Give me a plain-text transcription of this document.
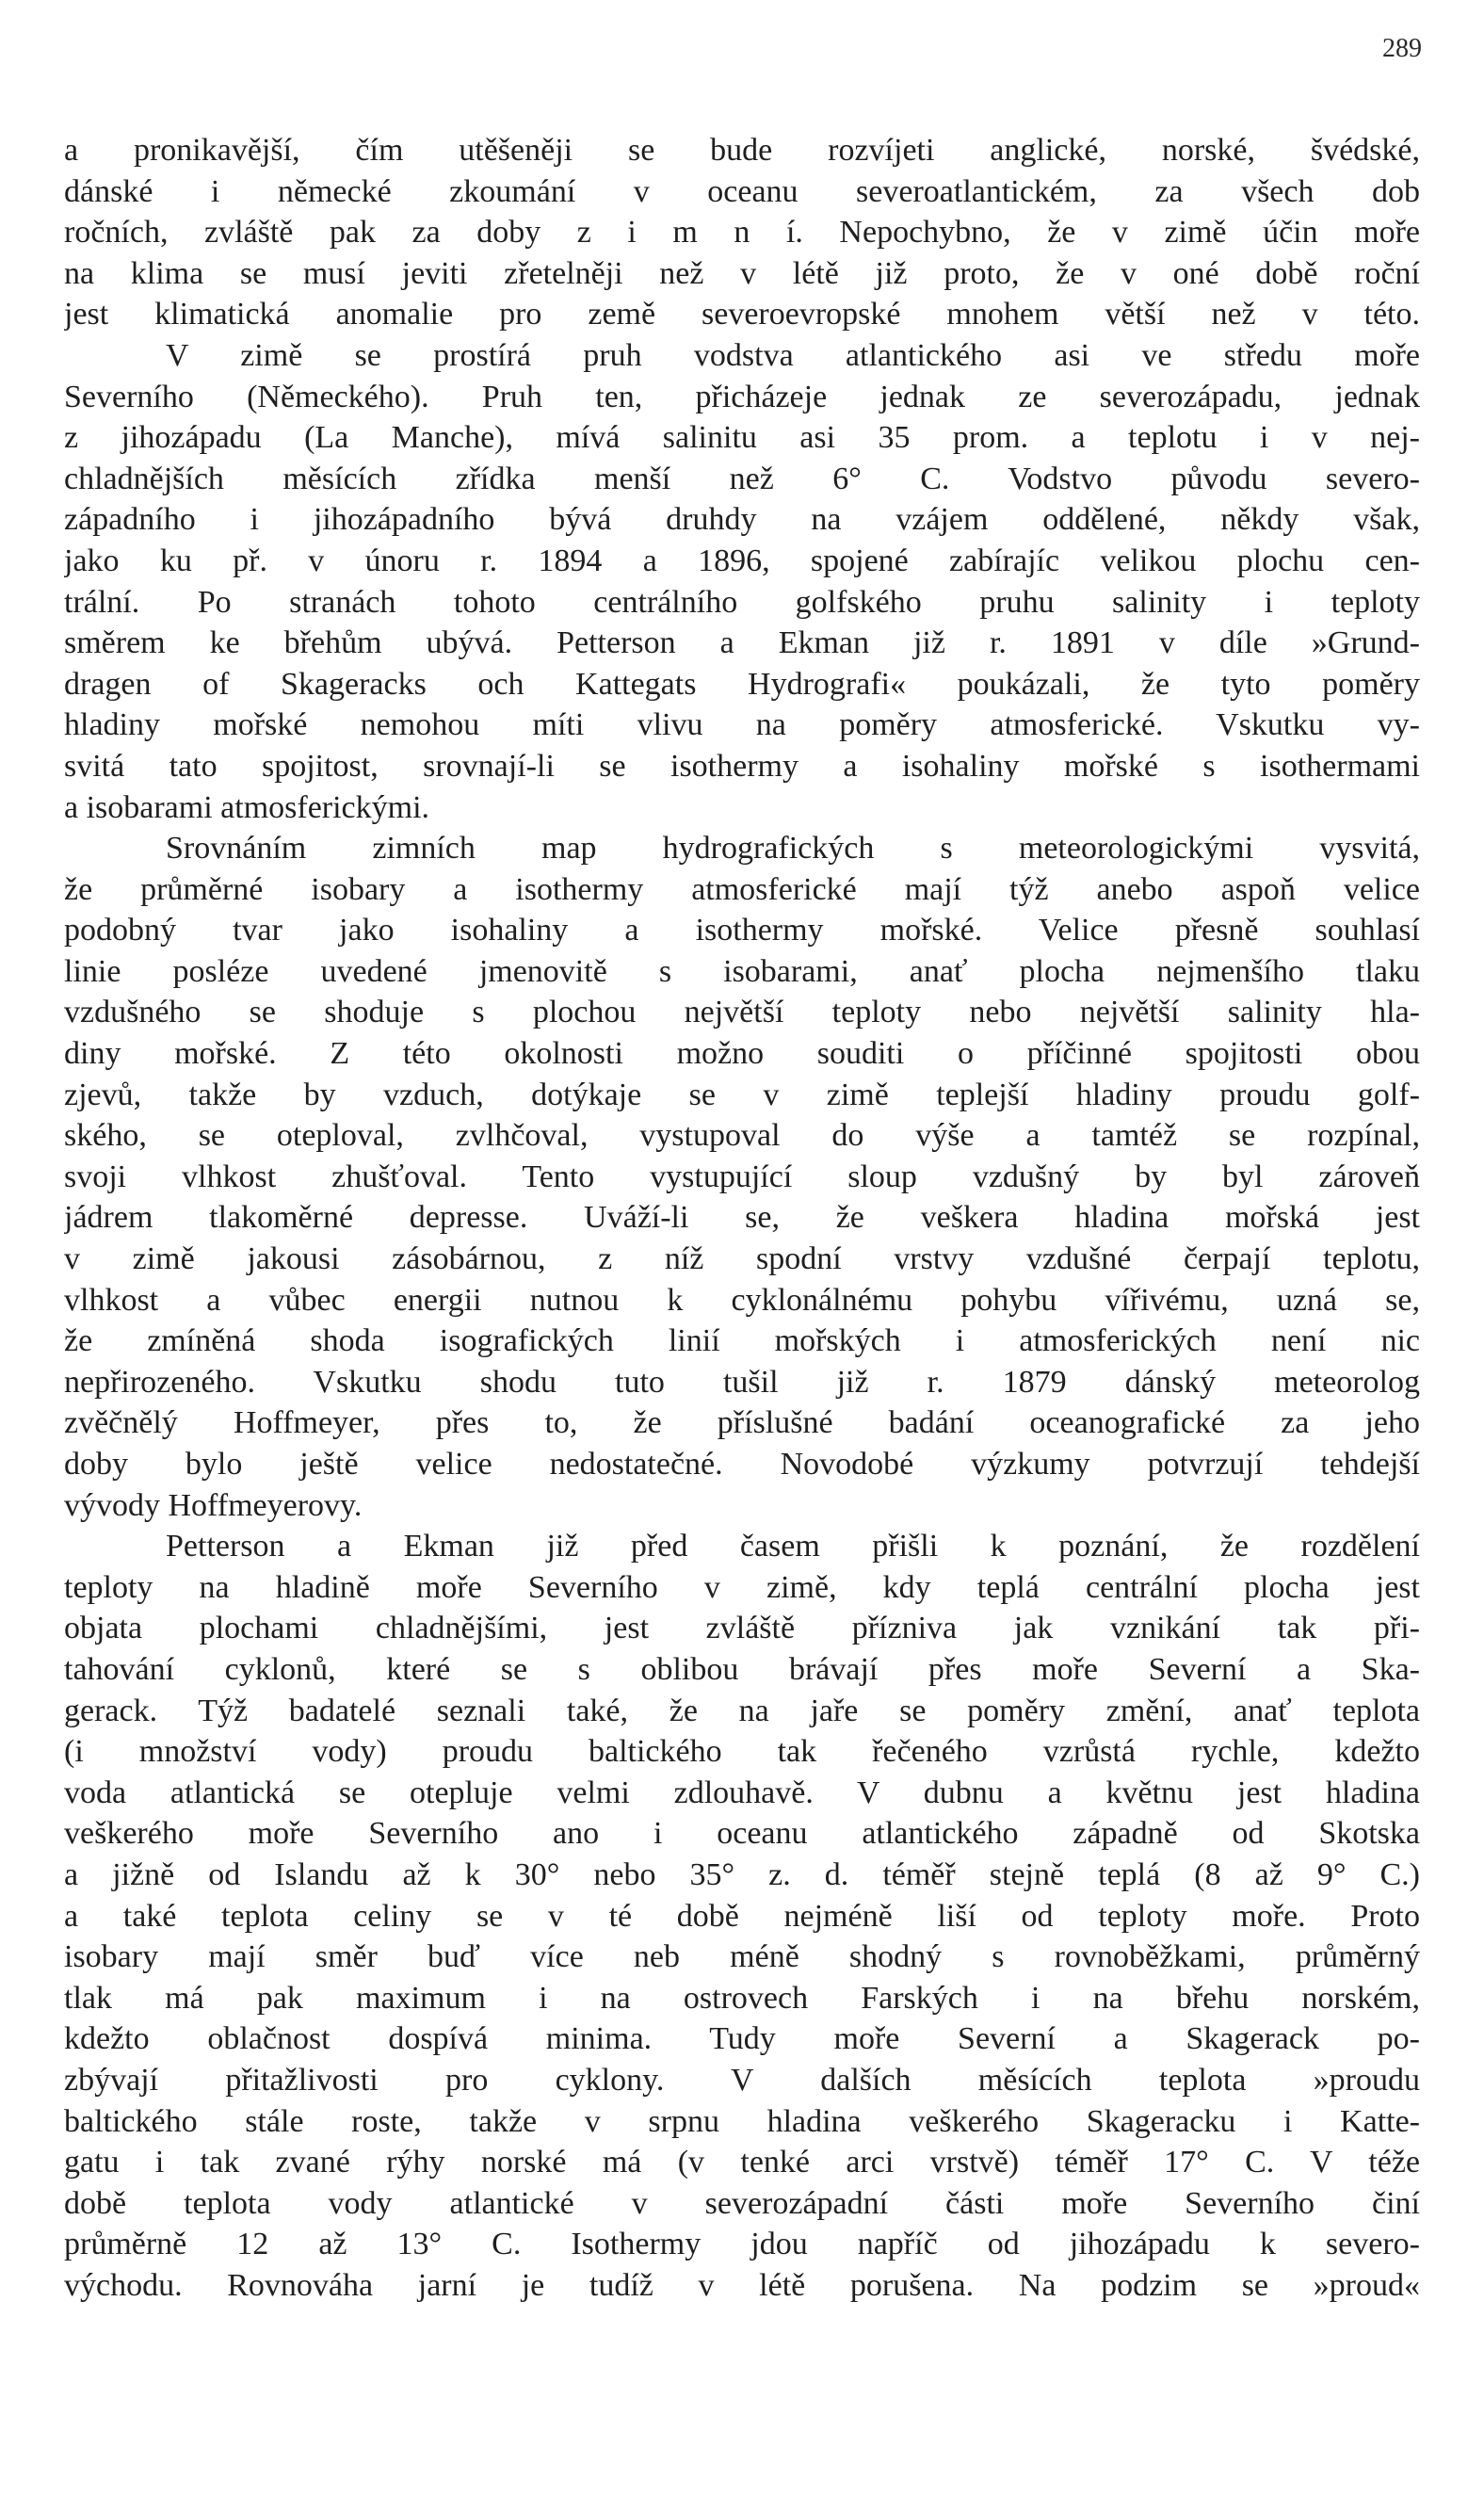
289
a pronikavější, čím utěšeněji se bude rozvíjeti anglické, norské, švédské,
dánské i německé zkoumání v oceanu severoatlantickém, za všech dob
ročních, zvláště pak za doby z i m n í. Nepochybno, že v zimě účin moře
na klima se musí jeviti zřetelněji než v létě již proto, že v oné době roční
jest klimatická anomalie pro země severoevropské mnohem větší než v této.
V zimě se prostírá pruh vodstva atlantického asi ve středu moře
Severního (Německého). Pruh ten, přicházeje jednak ze severozápadu, jednak
z jihozápadu (La Manche), mívá salinitu asi 35 prom. a teplotu i v nej-
chladnějších měsících zřídka menší než 6° C. Vodstvo původu severo-
západního i jihozápadního bývá druhdy na vzájem oddělené, někdy však,
jako ku př. v únoru r. 1894 a 1896, spojené zabírajíc velikou plochu cen-
trální. Po stranách tohoto centrálního golfského pruhu salinity i teploty
směrem ke břehům ubývá. Petterson a Ekman již r. 1891 v díle »Grund-
dragen of Skageracks och Kattegats Hydrografi« poukázali, že tyto poměry
hladiny mořské nemohou míti vlivu na poměry atmosferické. Vskutku vy-
svitá tato spojitost, srovnají-li se isothermy a isohaliny mořské s isothermami
a isobarami atmosferickými.
Srovnáním zimních map hydrografických s meteorologickými vysvitá,
že průměrné isobary a isothermy atmosferické mají týž anebo aspoň velice
podobný tvar jako isohaliny a isothermy mořské. Velice přesně souhlasí
linie posléze uvedené jmenovitě s isobarami, anať plocha nejmenšího tlaku
vzdušného se shoduje s plochou největší teploty nebo největší salinity hla-
diny mořské. Z této okolnosti možno souditi o příčinné spojitosti obou
zjevů, takže by vzduch, dotýkaje se v zimě teplejší hladiny proudu golf-
ského, se oteploval, zvlhčoval, vystupoval do výše a tamtéž se rozpínal,
svoji vlhkost zhušťoval. Tento vystupující sloup vzdušný by byl zároveň
jádrem tlakoměrné depresse. Uváží-li se, že veškera hladina mořská jest
v zimě jakousi zásobárnou, z níž spodní vrstvy vzdušné čerpají teplotu,
vlhkost a vůbec energii nutnou k cyklonálnému pohybu vířivému, uzná se,
že zmíněná shoda isografických linií mořských i atmosferických není nic
nepřirozeného. Vskutku shodu tuto tušil již r. 1879 dánský meteorolog
zvěčnělý Hoffmeyer, přes to, že příslušné badání oceanografické za jeho
doby bylo ještě velice nedostatečné. Novodobé výzkumy potvrzují tehdejší
vývody Hoffmeyerovy.
Petterson a Ekman již před časem přišli k poznání, že rozdělení
teploty na hladině moře Severního v zimě, kdy teplá centrální plocha jest
objata plochami chladnějšími, jest zvláště příznivа jak vznikání tak při-
tahování cyklonů, které se s oblibou brávají přes moře Severní a Ska-
gerack. Týž badatelé seznali také, že na jaře se poměry změní, anať teplota
(i množství vody) proudu baltického tak řečeného vzrůstá rychle, kdežto
voda atlantická se otepluje velmi zdlouhavě. V dubnu a květnu jest hladina
veškerého moře Severního ano i oceanu atlantického západně od Skotska
a jižně od Islandu až k 30° nebo 35° z. d. téměř stejně teplá (8 až 9° C.)
a také teplota celiny se v té době nejméně liší od teploty moře. Proto
isobary mají směr buď více neb méně shodný s rovnoběžkami, průměrný
tlak má pak maximum i na ostrovech Farských i na břehu norském,
kdežto oblačnost dospívá minima. Tudy moře Severní a Skagerack po-
zbývají přitažlivosti pro cyklony. V dalších měsících teplota »proudu
baltického stále roste, takže v srpnu hladina veškerého Skageracku i Katte-
gatu i tak zvané rýhy norské má (v tenké arci vrstvě) téměř 17° C. V téže
době teplota vody atlantické v severozápadní části moře Severního činí
průměrně 12 až 13° C. Isothermy jdou napříč od jihozápadu k severo-
východu. Rovnováha jarní je tudíž v létě porušena. Na podzim se »proud«
